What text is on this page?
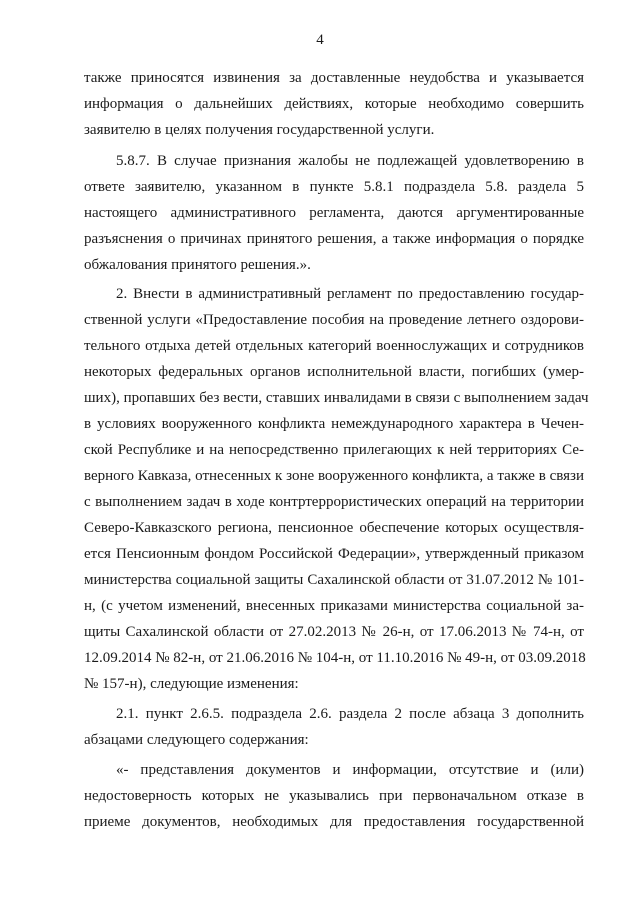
4
также приносятся извинения за доставленные неудобства и указывается
информация о дальнейших действиях, которые необходимо совершить
заявителю в целях получения государственной услуги.
5.8.7. В случае признания жалобы не подлежащей удовлетворению в
ответе заявителю, указанном в пункте 5.8.1 подраздела 5.8. раздела 5
настоящего административного регламента, даются аргументированные
разъяснения о причинах принятого решения, а также информация о порядке
обжалования принятого решения.».
2. Внести в административный регламент по предоставлению государ-
ственной услуги «Предоставление пособия на проведение летнего оздорови-
тельного отдыха детей отдельных категорий военнослужащих и сотрудников
некоторых федеральных органов исполнительной власти, погибших (умер-
ших), пропавших без вести, ставших инвалидами в связи с выполнением задач
в условиях вооруженного конфликта немеждународного характера в Чечен-
ской Республике и на непосредственно прилегающих к ней территориях Се-
верного Кавказа, отнесенных к зоне вооруженного конфликта, а также в связи
с выполнением задач в ходе контртеррористических операций на территории
Северо-Кавказского региона, пенсионное обеспечение которых осуществля-
ется Пенсионным фондом Российской Федерации», утвержденный приказом
министерства социальной защиты Сахалинской области от 31.07.2012 № 101-
н, (с учетом изменений, внесенных приказами министерства социальной за-
щиты Сахалинской области от 27.02.2013 № 26-н, от 17.06.2013 № 74-н, от
12.09.2014 № 82-н, от 21.06.2016 № 104-н, от 11.10.2016 № 49-н, от 03.09.2018
№ 157-н), следующие изменения:
2.1. пункт 2.6.5. подраздела 2.6. раздела 2 после абзаца 3 дополнить
абзацами следующего содержания:
«- представления документов и информации, отсутствие и (или)
недостоверность которых не указывались при первоначальном отказе в
приеме документов, необходимых для предоставления государственной
